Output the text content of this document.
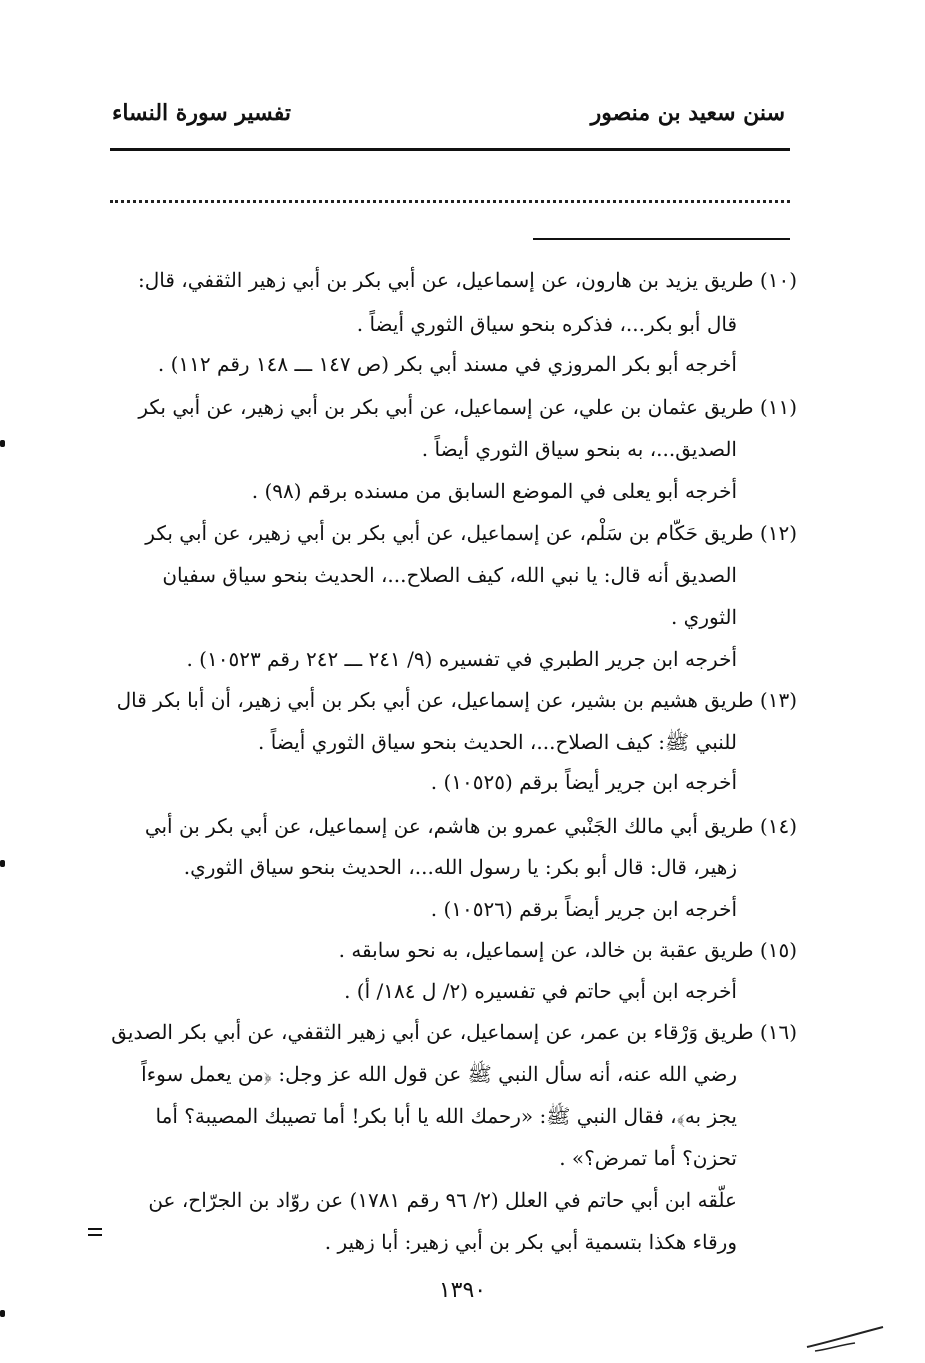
سنن سعيد بن منصور
تفسير سورة النساء
(١٠) طريق يزيد بن هارون، عن إسماعيل، عن أبي بكر بن أبي زهير الثقفي، قال:
قال أبو بكر...، فذكره بنحو سياق الثوري أيضاً .
أخرجه أبو بكر المروزي في مسند أبي بكر (ص ١٤٧ ـــ ١٤٨ رقم ١١٢) .
(١١) طريق عثمان بن علي، عن إسماعيل، عن أبي بكر بن أبي زهير، عن أبي بكر
الصديق...، به بنحو سياق الثوري أيضاً .
أخرجه أبو يعلى في الموضع السابق من مسنده برقم (٩٨) .
(١٢) طريق حَكّام بن سَلْم، عن إسماعيل، عن أبي بكر بن أبي زهير، عن أبي بكر
الصديق أنه قال: يا نبي الله، كيف الصلاح...، الحديث بنحو سياق سفيان
الثوري .
أخرجه ابن جرير الطبري في تفسيره (٩/ ٢٤١ ـــ ٢٤٢ رقم ١٠٥٢٣) .
(١٣) طريق هشيم بن بشير، عن إسماعيل، عن أبي بكر بن أبي زهير، أن أبا بكر قال
للنبي ﷺ: كيف الصلاح...، الحديث بنحو سياق الثوري أيضاً .
أخرجه ابن جرير أيضاً برقم (١٠٥٢٥) .
(١٤) طريق أبي مالك الجَنْبي عمرو بن هاشم، عن إسماعيل، عن أبي بكر بن أبي
زهير، قال: قال أبو بكر: يا رسول الله...، الحديث بنحو سياق الثوري.
أخرجه ابن جرير أيضاً برقم (١٠٥٢٦) .
(١٥) طريق عقبة بن خالد، عن إسماعيل، به نحو سابقه .
أخرجه ابن أبي حاتم في تفسيره (٢/ ل ١٨٤/ أ) .
(١٦) طريق وَرْقاء بن عمر، عن إسماعيل، عن أبي زهير الثقفي، عن أبي بكر الصديق
رضي الله عنه، أنه سأل النبي ﷺ عن قول الله عز وجل: ﴿من يعمل سوءاً
يجز به﴾، فقال النبي ﷺ: «رحمك الله يا أبا بكر! أما تصيبك المصيبة؟ أما
تحزن؟ أما تمرض؟» .
علّقه ابن أبي حاتم في العلل (٢/ ٩٦ رقم ١٧٨١) عن روّاد بن الجرّاح، عن
ورقاء هكذا بتسمية أبي بكر بن أبي زهير: أبا زهير .
١٣٩٠
